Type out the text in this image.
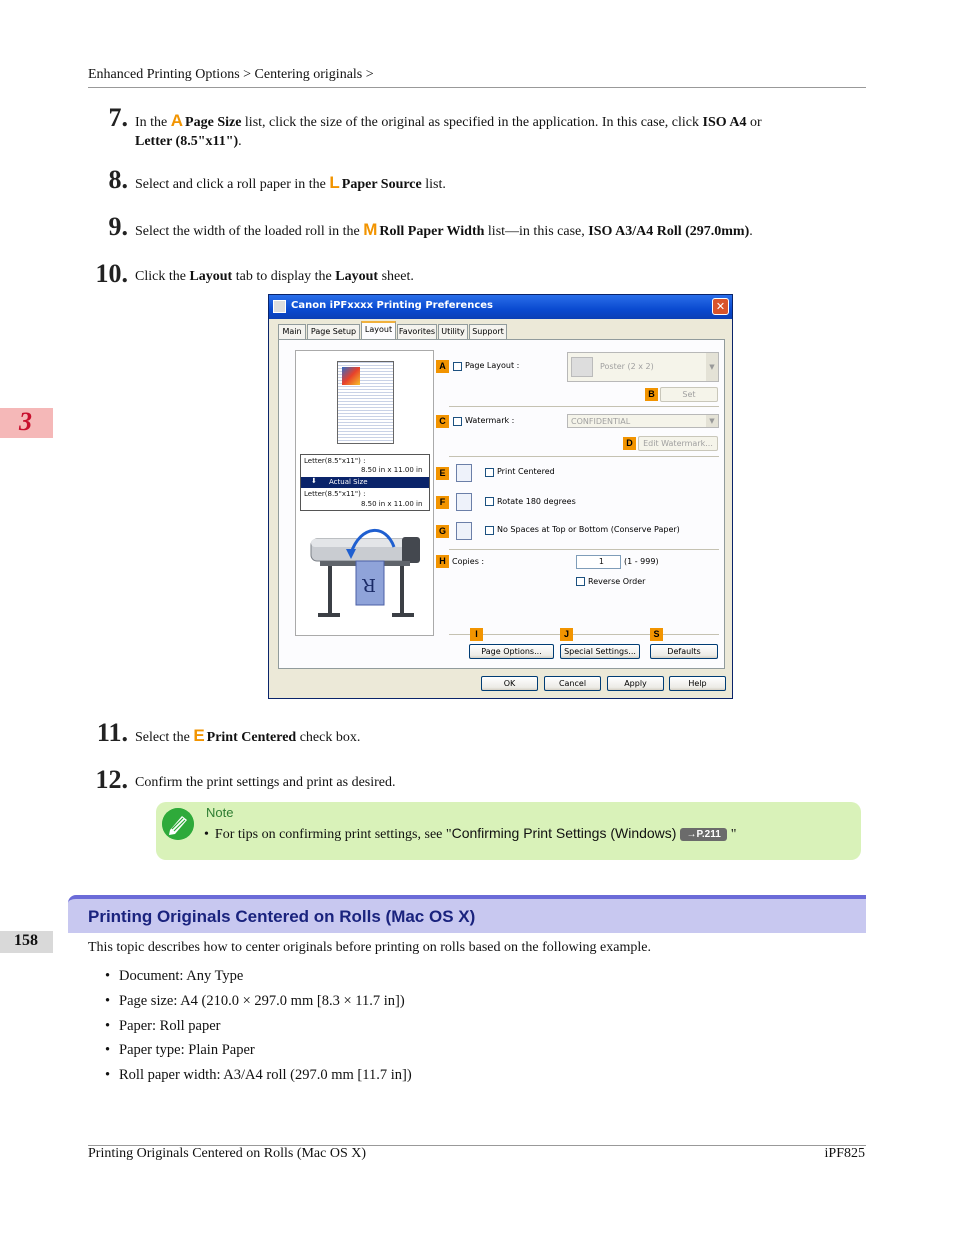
Enhanced Printing Options > Centering originals >
3
158
7. In the A Page Size list, click the size of the original as specified in the application. In this case, click ISO A4 or
Letter (8.5"x11").
8. Select and click a roll paper in the L Paper Source list.
9. Select the width of the loaded roll in the M Roll Paper Width list—in this case, ISO A3/A4 Roll (297.0mm).
10. Click the Layout tab to display the Layout sheet.
Canon iPFxxxx Printing Preferences	✕
Main	Page Setup	Layout Favorites Utility Support
Letter(8.5"x11") :
8.50 in x 11.00 in
Actual Size
⬇
Letter(8.5"x11") :
8.50 in x 11.00 in
R
A	Page Layout :	Poster (2 x 2)	▼
B	Set
C	Watermark :	CONFIDENTIAL	▼
D	Edit Watermark...
E	Print Centered
F	Rotate 180 degrees
G	No Spaces at Top or Bottom (Conserve Paper)
H Copies :	1	(1 - 999)
Reverse Order
I	J	S
Page Options...	Special Settings...	Defaults
OK	Cancel	Apply	Help
11. Select the E Print Centered check box.
12. Confirm the print settings and print as desired.
Note
• For tips on confirming print settings, see "Confirming Print Settings (Windows) →P.211 "
Printing Originals Centered on Rolls (Mac OS X)
This topic describes how to center originals before printing on rolls based on the following example.
• Document: Any Type
• Page size: A4 (210.0 × 297.0 mm [8.3 × 11.7 in])
• Paper: Roll paper
• Paper type: Plain Paper
• Roll paper width: A3/A4 roll (297.0 mm [11.7 in])
Printing Originals Centered on Rolls (Mac OS X)	iPF825
